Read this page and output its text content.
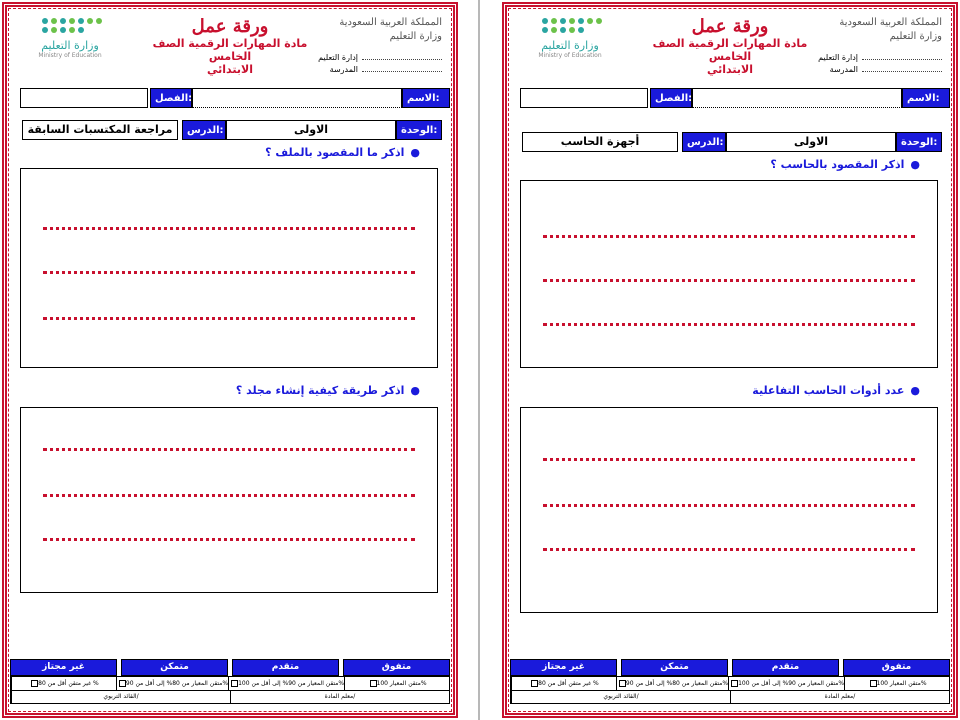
وزارة التعليم
Ministry of Education
ورقة عمل
مادة المهارات الرقمية الصف الخامس
الابتدائي
المملكة العربية السعودية
وزارة التعليم
إدارة التعليم
المدرسة
الاسم:
الفصل:
الوحدة:
الاولى
الدرس:
مراجعة المكتسبات السابقة
●اذكر ما المقصود بالملف ؟
●اذكر طريقة كيفية إنشاء مجلد ؟
متفوق
متقدم
متمكن
غير مجتاز
متقن المعيار 100%
متقن المعيار من 90% إلى أقل من 100%
متقن المعيار من 80% إلى أقل من 90%
غير متقن أقل من 80 %
معلم المادة/
القائد التربوي/
وزارة التعليم
Ministry of Education
ورقة عمل
مادة المهارات الرقمية الصف الخامس
الابتدائي
المملكة العربية السعودية
وزارة التعليم
إدارة التعليم
المدرسة
الاسم:
الفصل:
الوحدة:
الاولى
الدرس:
أجهزة الحاسب
●اذكر المقصود بالحاسب ؟
●عدد أدوات الحاسب التفاعلية
متفوق
متقدم
متمكن
غير مجتاز
متقن المعيار 100%
متقن المعيار من 90% إلى أقل من 100%
متقن المعيار من 80% إلى أقل من 90%
غير متقن أقل من 80 %
معلم المادة/
القائد التربوي/
